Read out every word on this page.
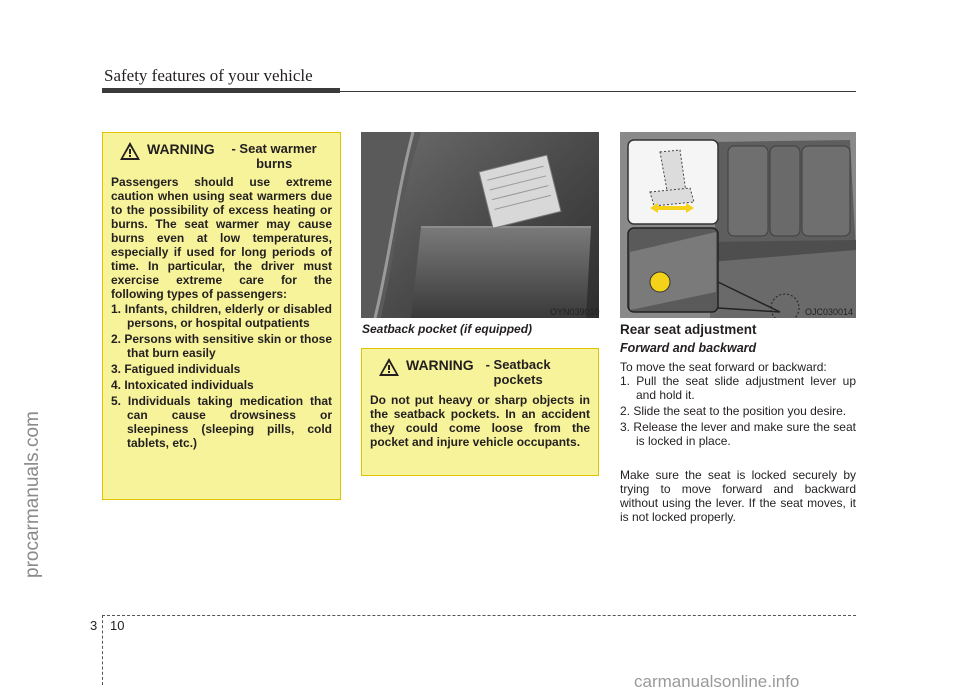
Safety features of your vehicle
procarmanuals.com
WARNING - Seat warmer burns
Passengers should use extreme caution when using seat warmers due to the possibility of excess heating or burns. The seat warmer may cause burns even at low temperatures, especially if used for long periods of time. In particular, the driver must exercise extreme care for the following types of passengers:
1. Infants, children, elderly or disabled persons, or hospital outpatients
2. Persons with sensitive skin or those that burn easily
3. Fatigued individuals
4. Intoxicated individuals
5. Individuals taking medication that can cause drowsiness or sleepiness (sleeping pills, cold tablets, etc.)
OYN039010
Seatback pocket (if equipped)
WARNING - Seatback pockets
Do not put heavy or sharp objects in the seatback pockets. In an accident they could come loose from the pocket and injure vehicle occupants.
OJC030014
Rear seat adjustment
Forward and backward
To move the seat forward or backward:
1. Pull the seat slide adjustment lever up and hold it.
2. Slide the seat to the position you desire.
3. Release the lever and make sure the seat is locked in place.
Make sure the seat is locked securely by trying to move forward and backward without using the lever. If the seat moves, it is not locked properly.
3 10
carmanualsonline.info
